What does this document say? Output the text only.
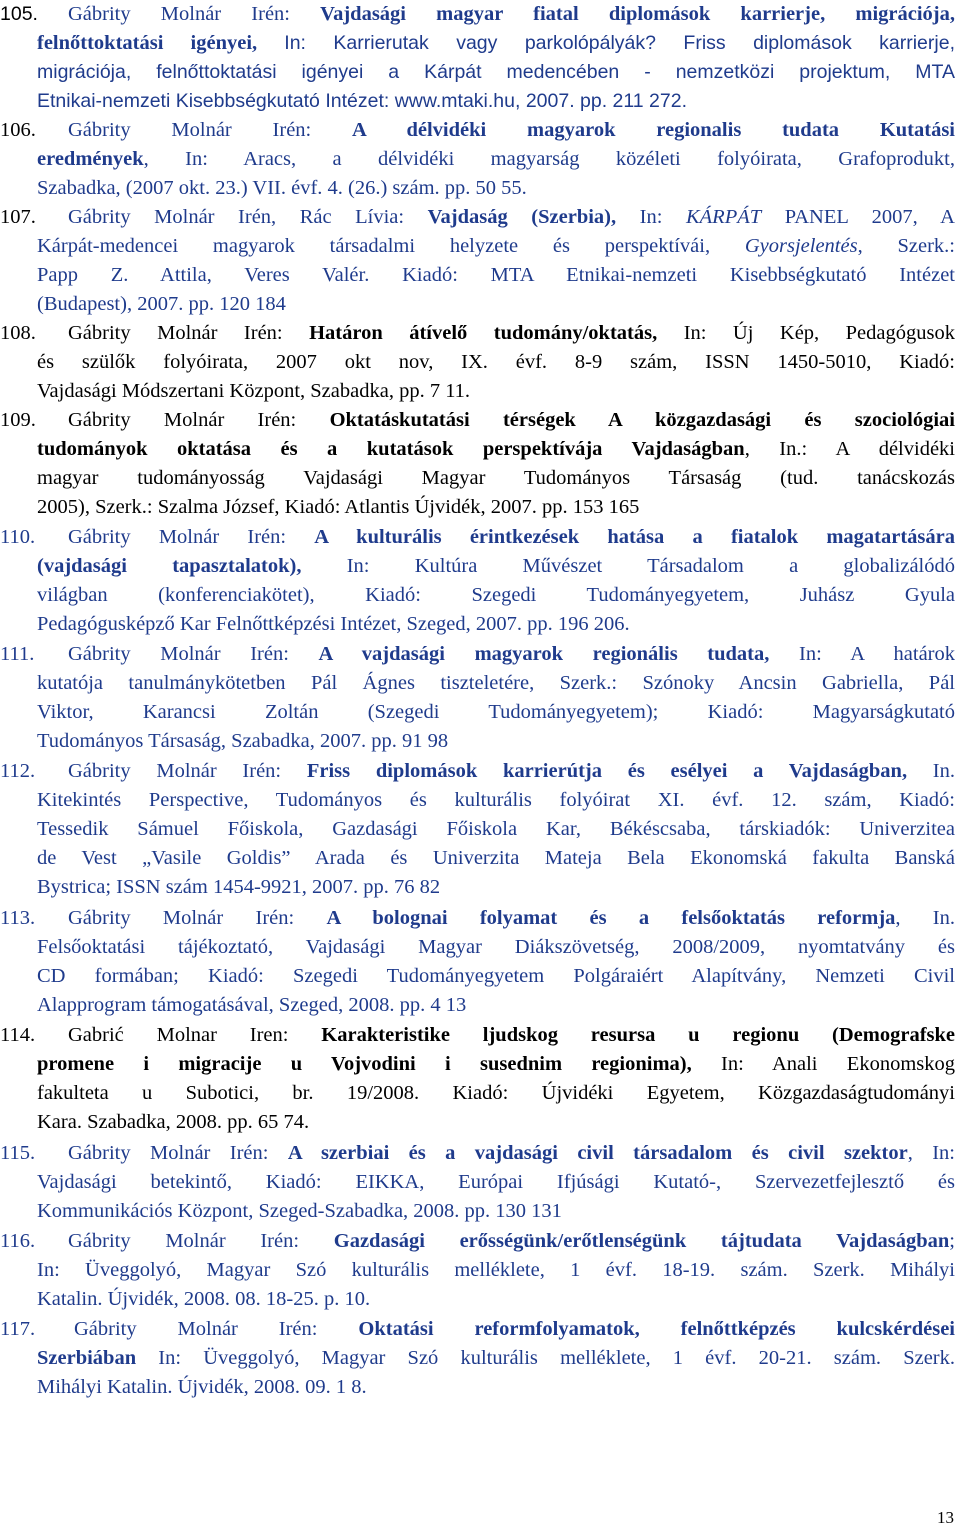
105. Gábrity Molnár Irén: Vajdasági magyar fiatal diplomások karrierje, migrációja,
felnőttoktatási igényei, In: Karrierutak vagy parkolópályák? Friss diplomások karrierje,
migrációja, felnőttoktatási igényei a Kárpát medencében - nemzetközi projektum, MTA
Etnikai-nemzeti Kisebbségkutató Intézet: www.mtaki.hu, 2007. pp. 211 272.
106. Gábrity Molnár Irén: A délvidéki magyarok regionalis tudata Kutatási
eredmények, In: Aracs, a délvidéki magyarság közéleti folyóirata, Grafoprodukt,
Szabadka, (2007 okt. 23.) VII. évf. 4. (26.) szám. pp. 50 55.
107. Gábrity Molnár Irén, Rác Lívia: Vajdaság (Szerbia), In: KÁRPÁT PANEL 2007, A
Kárpát-medencei magyarok társadalmi helyzete és perspektívái, Gyorsjelentés, Szerk.:
Papp Z. Attila, Veres Valér. Kiadó: MTA Etnikai-nemzeti Kisebbségkutató Intézet
(Budapest), 2007. pp. 120 184
108. Gábrity Molnár Irén: Határon átívelő tudomány/oktatás, In: Új Kép, Pedagógusok
és szülők folyóirata, 2007 okt nov, IX. évf. 8-9 szám, ISSN 1450-5010, Kiadó:
Vajdasági Módszertani Központ, Szabadka, pp. 7 11.
109. Gábrity Molnár Irén: Oktatáskutatási térségek A közgazdasági és szociológiai
tudományok oktatása és a kutatások perspektívája Vajdaságban, In.: A délvidéki
magyar tudományosság Vajdasági Magyar Tudományos Társaság (tud. tanácskozás
2005), Szerk.: Szalma József, Kiadó: Atlantis Újvidék, 2007. pp. 153 165
110. Gábrity Molnár Irén: A kulturális érintkezések hatása a fiatalok magatartására
(vajdasági tapasztalatok), In: Kultúra Művészet Társadalom a globalizálódó
világban (konferenciakötet), Kiadó: Szegedi Tudományegyetem, Juhász Gyula
Pedagógusképző Kar Felnőttképzési Intézet, Szeged, 2007. pp. 196 206.
111. Gábrity Molnár Irén: A vajdasági magyarok regionális tudata, In: A határok
kutatója tanulmánykötetben Pál Ágnes tiszteletére, Szerk.: Szónoky Ancsin Gabriella, Pál
Viktor, Karancsi Zoltán (Szegedi Tudományegyetem); Kiadó: Magyarságkutató
Tudományos Társaság, Szabadka, 2007. pp. 91 98
112. Gábrity Molnár Irén: Friss diplomások karrierútja és esélyei a Vajdaságban, In.
Kitekintés Perspective, Tudományos és kulturális folyóirat XI. évf. 12. szám, Kiadó:
Tessedik Sámuel Főiskola, Gazdasági Főiskola Kar, Békéscsaba, társkiadók: Univerzitea
de Vest „Vasile Goldis” Arada és Univerzita Mateja Bela Ekonomská fakulta Banská
Bystrica; ISSN szám 1454-9921, 2007. pp. 76 82
113. Gábrity Molnár Irén: A bolognai folyamat és a felsőoktatás reformja, In.
Felsőoktatási tájékoztató, Vajdasági Magyar Diákszövetség, 2008/2009, nyomtatvány és
CD formában; Kiadó: Szegedi Tudományegyetem Polgáraiért Alapítvány, Nemzeti Civil
Alapprogram támogatásával, Szeged, 2008. pp. 4 13
114. Gabrić Molnar Iren: Karakteristike ljudskog resursa u regionu (Demografske
promene i migracije u Vojvodini i susednim regionima), In: Anali Ekonomskog
fakulteta u Subotici, br. 19/2008. Kiadó: Újvidéki Egyetem, Közgazdaságtudományi
Kara. Szabadka, 2008. pp. 65 74.
115. Gábrity Molnár Irén: A szerbiai és a vajdasági civil társadalom és civil szektor, In:
Vajdasági betekintő, Kiadó: EIKKA, Európai Ifjúsági Kutató-, Szervezetfejlesztő és
Kommunikációs Központ, Szeged-Szabadka, 2008. pp. 130 131
116. Gábrity Molnár Irén: Gazdasági erősségünk/erőtlenségünk tájtudata Vajdaságban;
In: Üveggolyó, Magyar Szó kulturális melléklete, 1 évf. 18-19. szám. Szerk. Mihályi
Katalin. Újvidék, 2008. 08. 18-25. p. 10.
117. Gábrity Molnár Irén: Oktatási reformfolyamatok, felnőttképzés kulcskérdései
Szerbiában In: Üveggolyó, Magyar Szó kulturális melléklete, 1 évf. 20-21. szám. Szerk.
Mihályi Katalin. Újvidék, 2008. 09. 1 8.
13
